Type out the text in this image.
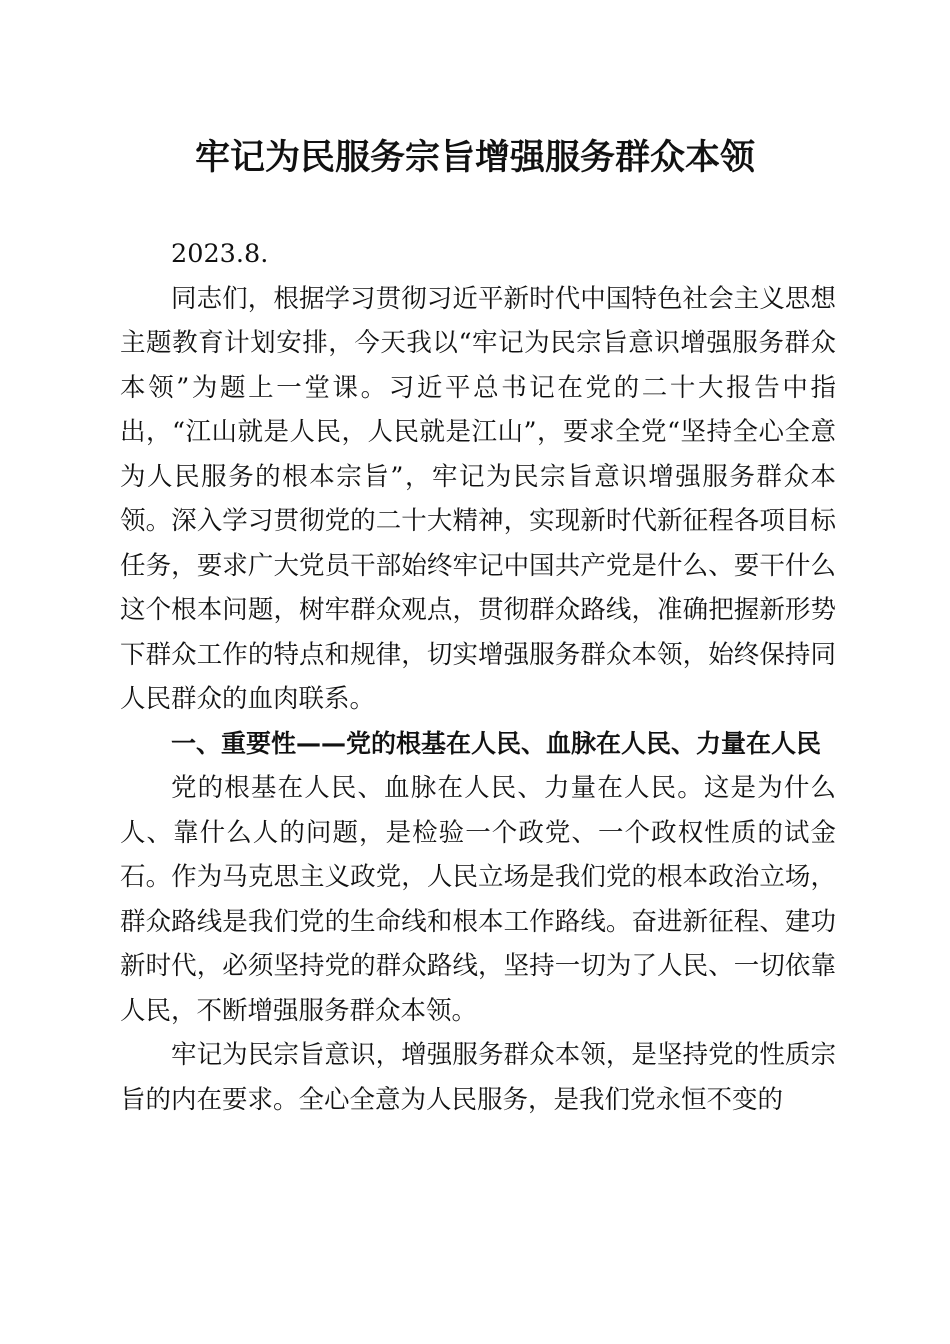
牢记为民服务宗旨增强服务群众本领

2023.8.

同志们，根据学习贯彻习近平新时代中国特色社会主义思想主题教育计划安排，今天我以“牢记为民宗旨意识增强服务群众本领”为题上一堂课。习近平总书记在党的二十大报告中指出，“江山就是人民，人民就是江山”，要求全党“坚持全心全意为人民服务的根本宗旨”，牢记为民宗旨意识增强服务群众本领。深入学习贯彻党的二十大精神，实现新时代新征程各项目标任务，要求广大党员干部始终牢记中国共产党是什么、要干什么这个根本问题，树牢群众观点，贯彻群众路线，准确把握新形势下群众工作的特点和规律，切实增强服务群众本领，始终保持同人民群众的血肉联系。

一、重要性——党的根基在人民、血脉在人民、力量在人民

党的根基在人民、血脉在人民、力量在人民。这是为什么人、靠什么人的问题，是检验一个政党、一个政权性质的试金石。作为马克思主义政党，人民立场是我们党的根本政治立场，群众路线是我们党的生命线和根本工作路线。奋进新征程、建功新时代，必须坚持党的群众路线，坚持一切为了人民、一切依靠人民，不断增强服务群众本领。

牢记为民宗旨意识，增强服务群众本领，是坚持党的性质宗旨的内在要求。全心全意为人民服务，是我们党永恒不变的
